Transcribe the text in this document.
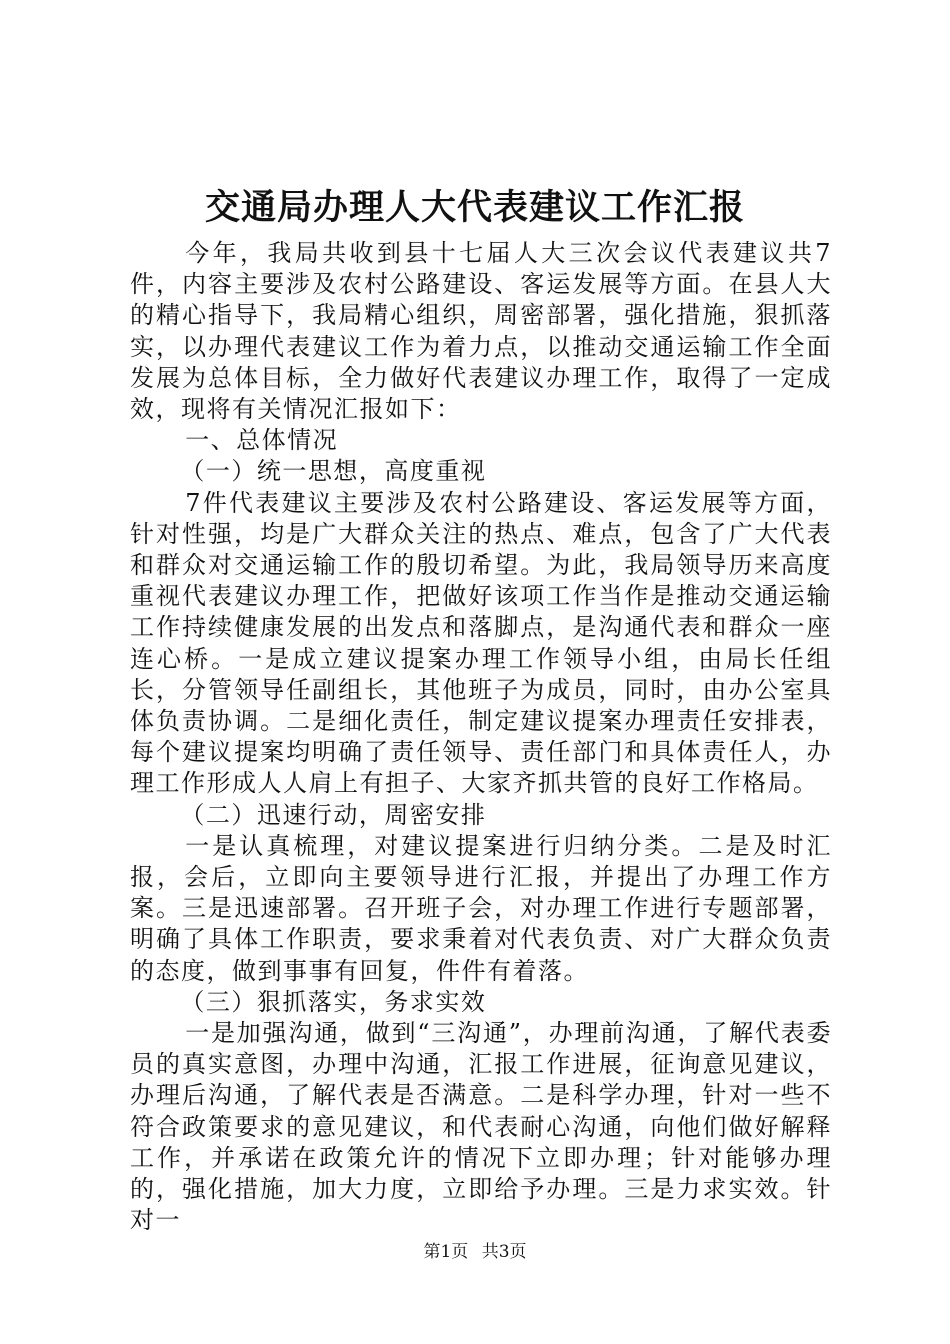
交通局办理人大代表建议工作汇报

今年，我局共收到县十七届人大三次会议代表建议共7件，内容主要涉及农村公路建设、客运发展等方面。在县人大的精心指导下，我局精心组织，周密部署，强化措施，狠抓落实，以办理代表建议工作为着力点，以推动交通运输工作全面发展为总体目标，全力做好代表建议办理工作，取得了一定成效，现将有关情况汇报如下：

一、总体情况

（一）统一思想，高度重视

7件代表建议主要涉及农村公路建设、客运发展等方面，针对性强，均是广大群众关注的热点、难点，包含了广大代表和群众对交通运输工作的殷切希望。为此，我局领导历来高度重视代表建议办理工作，把做好该项工作当作是推动交通运输工作持续健康发展的出发点和落脚点，是沟通代表和群众一座连心桥。一是成立建议提案办理工作领导小组，由局长任组长，分管领导任副组长，其他班子为成员，同时，由办公室具体负责协调。二是细化责任，制定建议提案办理责任安排表，每个建议提案均明确了责任领导、责任部门和具体责任人，办理工作形成人人肩上有担子、大家齐抓共管的良好工作格局。

（二）迅速行动，周密安排

一是认真梳理，对建议提案进行归纳分类。二是及时汇报，会后，立即向主要领导进行汇报，并提出了办理工作方案。三是迅速部署。召开班子会，对办理工作进行专题部署，明确了具体工作职责，要求秉着对代表负责、对广大群众负责的态度，做到事事有回复，件件有着落。

（三）狠抓落实，务求实效

一是加强沟通，做到“三沟通”，办理前沟通，了解代表委员的真实意图，办理中沟通，汇报工作进展，征询意见建议，办理后沟通，了解代表是否满意。二是科学办理，针对一些不符合政策要求的意见建议，和代表耐心沟通，向他们做好解释工作，并承诺在政策允许的情况下立即办理；针对能够办理的，强化措施，加大力度，立即给予办理。三是力求实效。针对一

第1页 共3页
